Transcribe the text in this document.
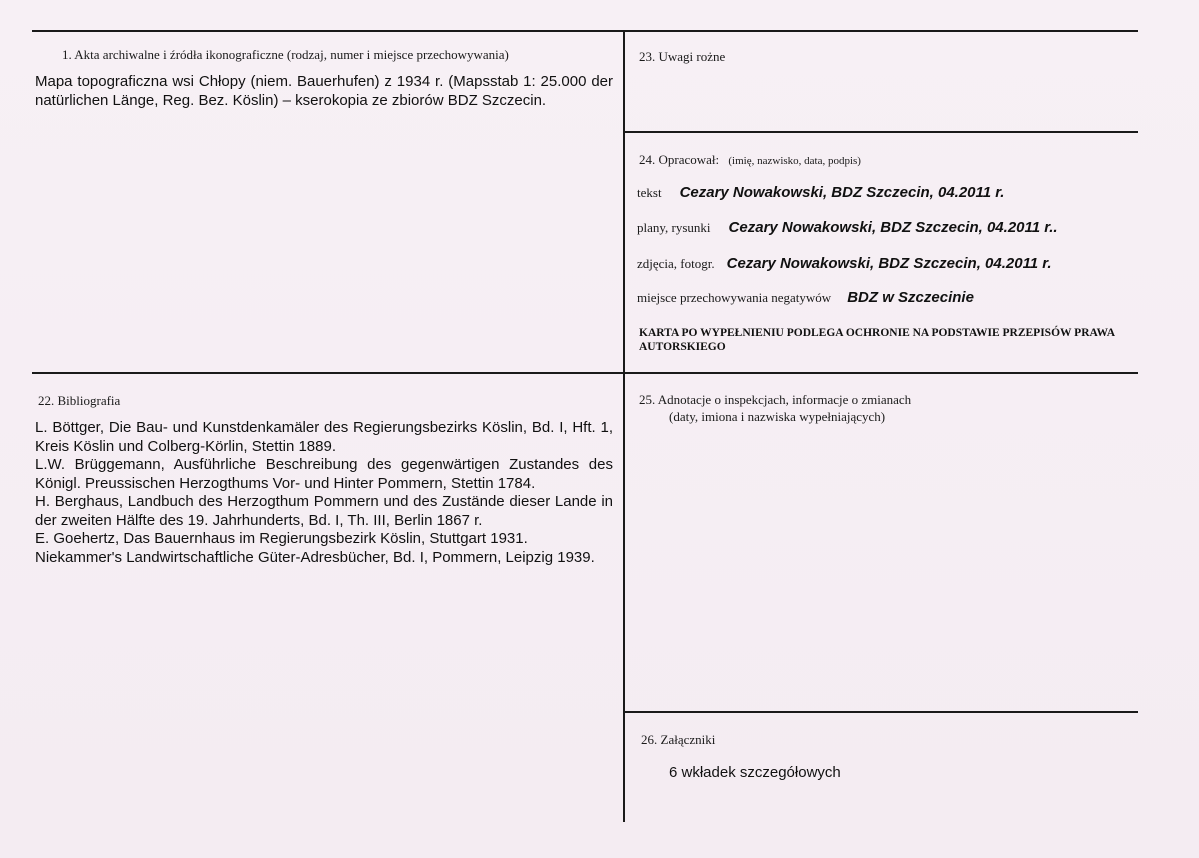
1. Akta archiwalne i źródła ikonograficzne (rodzaj, numer i miejsce przechowywania)

Mapa topograficzna wsi Chłopy (niem. Bauerhufen) z 1934 r. (Mapsstab 1: 25.000 der natürlichen Länge, Reg. Bez. Köslin) – kserokopia ze zbiorów BDZ Szczecin.

23. Uwagi rożne
24. Opracował: (imię, nazwisko, data, podpis)
tekst Cezary Nowakowski, BDZ Szczecin, 04.2011 r.
plany, rysunki Cezary Nowakowski, BDZ Szczecin, 04.2011 r..
zdjęcia, fotogr. Cezary Nowakowski, BDZ Szczecin, 04.2011 r.
miejsce przechowywania negatywów BDZ w Szczecinie
KARTA PO WYPEŁNIENIU PODLEGA OCHRONIE NA PODSTAWIE PRZEPISÓW PRAWA AUTORSKIEGO
22. Bibliografia

L. Böttger, Die Bau- und Kunstdenkamäler des Regierungsbezirks Köslin, Bd. I, Hft. 1, Kreis Köslin und Colberg-Körlin, Stettin 1889.

L.W. Brüggemann, Ausführliche Beschreibung des gegenwärtigen Zustandes des Königl. Preussischen Herzogthums Vor- und Hinter Pommern, Stettin 1784.

H. Berghaus, Landbuch des Herzogthum Pommern und des Zustände dieser Lande in der zweiten Hälfte des 19. Jahrhunderts, Bd. I, Th. III, Berlin 1867 r.

E. Goehertz, Das Bauernhaus im Regierungsbezirk Köslin, Stuttgart 1931.

Niekammer's Landwirtschaftliche Güter-Adresbücher, Bd. I, Pommern, Leipzig 1939.

25. Adnotacje o inspekcjach, informacje o zmianach
(daty, imiona i nazwiska wypełniających)
26. Załączniki
6 wkładek szczegółowych
